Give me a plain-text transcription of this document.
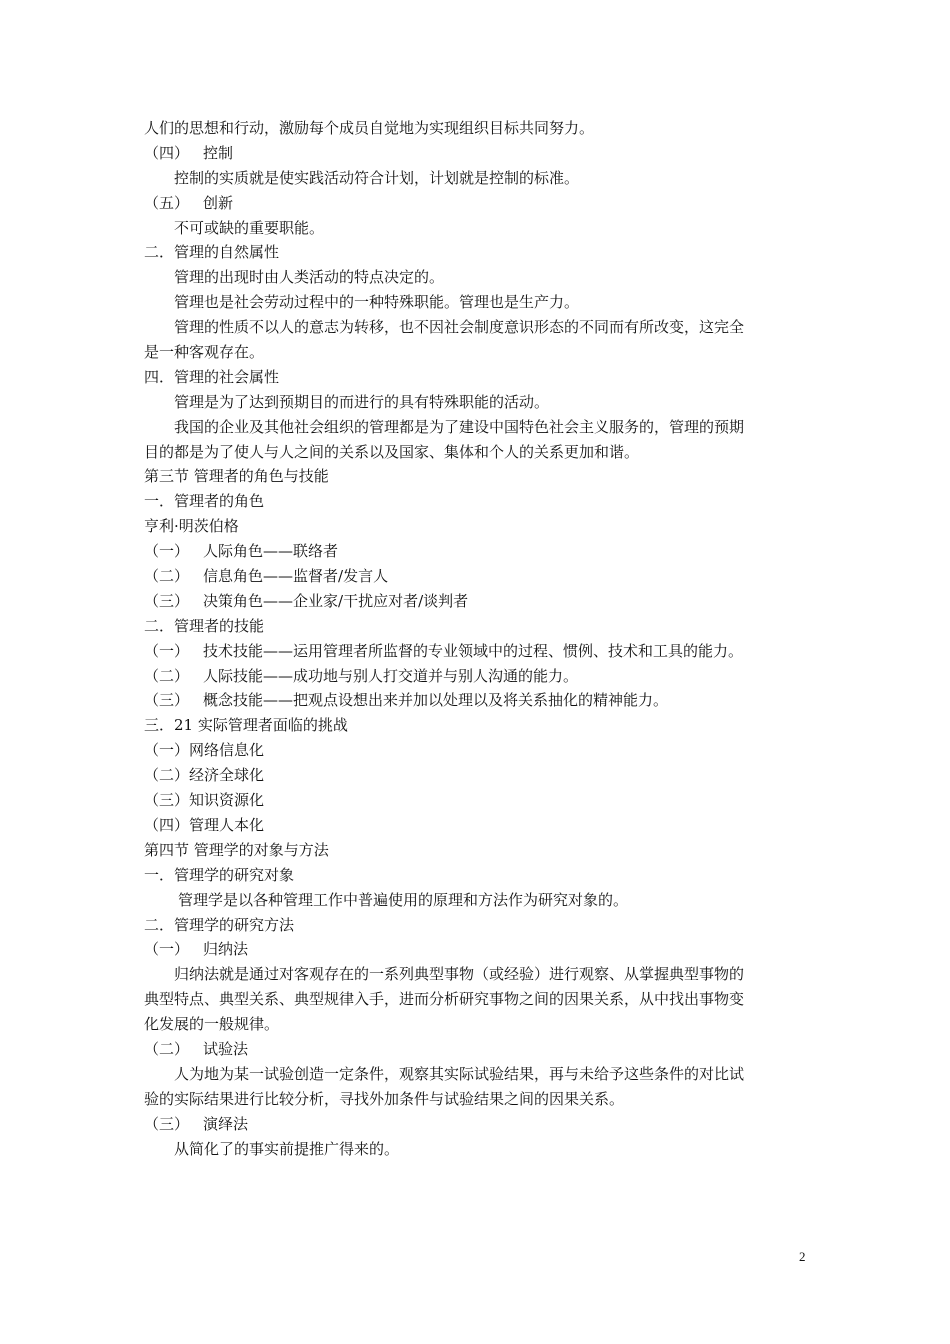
人们的思想和行动，激励每个成员自觉地为实现组织目标共同努力。
（四） 控制
控制的实质就是使实践活动符合计划，计划就是控制的标准。
（五） 创新
不可或缺的重要职能。
二．管理的自然属性
管理的出现时由人类活动的特点决定的。
管理也是社会劳动过程中的一种特殊职能。管理也是生产力。
管理的性质不以人的意志为转移，也不因社会制度意识形态的不同而有所改变，这完全
是一种客观存在。
四．管理的社会属性
管理是为了达到预期目的而进行的具有特殊职能的活动。
我国的企业及其他社会组织的管理都是为了建设中国特色社会主义服务的，管理的预期
目的都是为了使人与人之间的关系以及国家、集体和个人的关系更加和谐。
第三节 管理者的角色与技能
一．管理者的角色
亨利·明茨伯格
（一） 人际角色——联络者
（二） 信息角色——监督者/发言人
（三） 决策角色——企业家/干扰应对者/谈判者
二．管理者的技能
（一） 技术技能——运用管理者所监督的专业领域中的过程、惯例、技术和工具的能力。
（二） 人际技能——成功地与别人打交道并与别人沟通的能力。
（三） 概念技能——把观点设想出来并加以处理以及将关系抽化的精神能力。
三．21 实际管理者面临的挑战
（一）网络信息化
（二）经济全球化
（三）知识资源化
（四）管理人本化
第四节 管理学的对象与方法
一．管理学的研究对象
管理学是以各种管理工作中普遍使用的原理和方法作为研究对象的。
二．管理学的研究方法
（一） 归纳法
归纳法就是通过对客观存在的一系列典型事物（或经验）进行观察、从掌握典型事物的
典型特点、典型关系、典型规律入手，进而分析研究事物之间的因果关系，从中找出事物变
化发展的一般规律。
（二） 试验法
人为地为某一试验创造一定条件，观察其实际试验结果，再与未给予这些条件的对比试
验的实际结果进行比较分析，寻找外加条件与试验结果之间的因果关系。
（三） 演绎法
从简化了的事实前提推广得来的。
2
